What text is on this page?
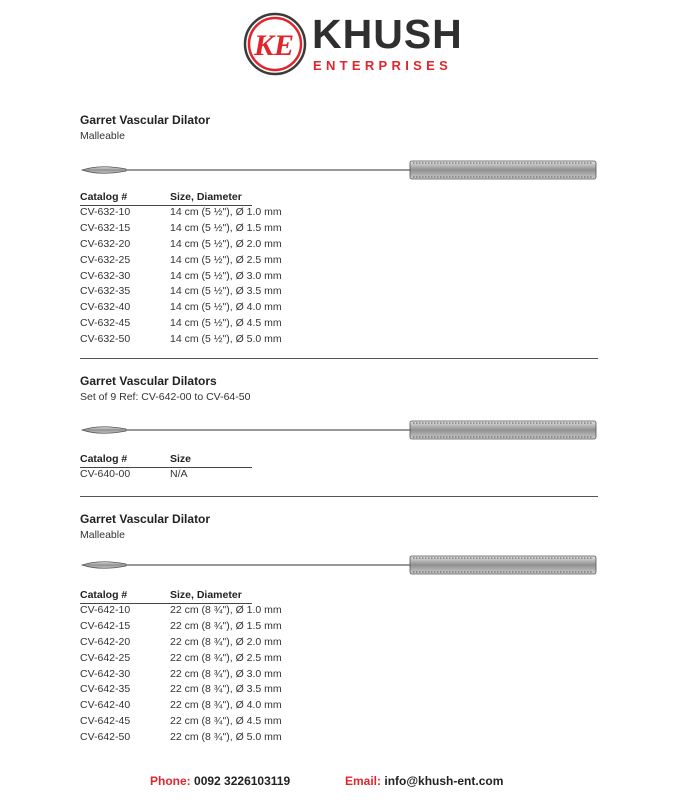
KE KHUSH
ENTERPRISES
Garret Vascular Dilator
Malleable
Catalog #	Size, Diameter
CV-632-10	14 cm (5 ½"), Ø 1.0 mm
CV-632-15	14 cm (5 ½"), Ø 1.5 mm
CV-632-20	14 cm (5 ½"), Ø 2.0 mm
CV-632-25	14 cm (5 ½"), Ø 2.5 mm
CV-632-30	14 cm (5 ½"), Ø 3.0 mm
CV-632-35	14 cm (5 ½"), Ø 3.5 mm
CV-632-40	14 cm (5 ½"), Ø 4.0 mm
CV-632-45	14 cm (5 ½"), Ø 4.5 mm
CV-632-50	14 cm (5 ½"), Ø 5.0 mm
Garret Vascular Dilators
Set of 9 Ref: CV-642-00 to CV-64-50
Catalog #	Size
CV-640-00	N/A
Garret Vascular Dilator
Malleable
Catalog #	Size, Diameter
CV-642-10	22 cm (8 ¾"), Ø 1.0 mm
CV-642-15	22 cm (8 ¾"), Ø 1.5 mm
CV-642-20	22 cm (8 ¾"), Ø 2.0 mm
CV-642-25	22 cm (8 ¾"), Ø 2.5 mm
CV-642-30	22 cm (8 ¾"), Ø 3.0 mm
CV-642-35	22 cm (8 ¾"), Ø 3.5 mm
CV-642-40	22 cm (8 ¾"), Ø 4.0 mm
CV-642-45	22 cm (8 ¾"), Ø 4.5 mm
CV-642-50	22 cm (8 ¾"), Ø 5.0 mm
Phone: 0092 3226103119	Email: info@khush-ent.com
